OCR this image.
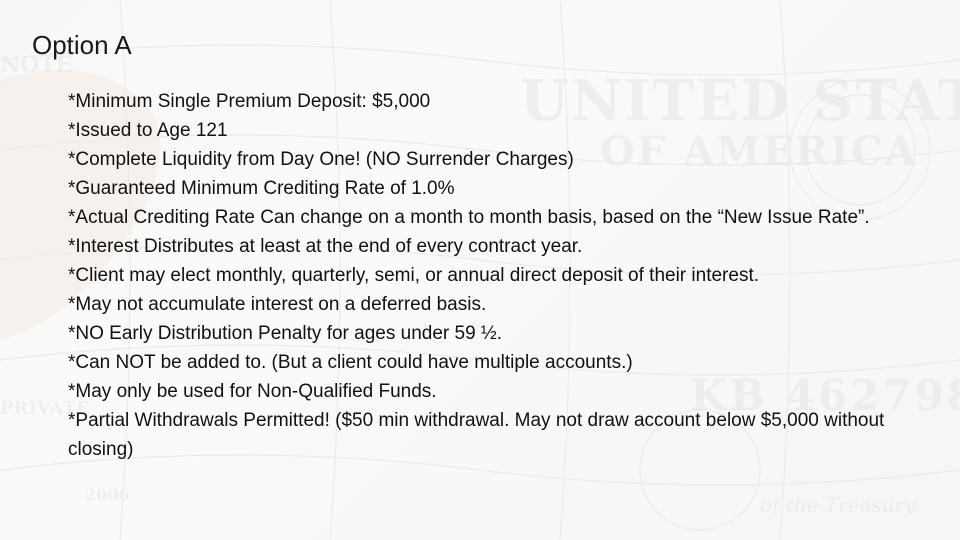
Option A
*Minimum Single Premium Deposit: $5,000
*Issued to Age 121
*Complete Liquidity from Day One! (NO Surrender Charges)
*Guaranteed Minimum Crediting Rate of 1.0%
*Actual Crediting Rate Can change on a month to month basis, based on the “New Issue Rate”.
*Interest Distributes at least at the end of every contract year.
*Client may elect monthly, quarterly, semi, or annual direct deposit of their interest.
*May not accumulate interest on a deferred basis.
*NO Early Distribution Penalty for ages under 59 ½.
*Can NOT be added to. (But a client could have multiple accounts.)
*May only be used for Non-Qualified Funds.
*Partial Withdrawals Permitted! ($50 min withdrawal. May not draw account below $5,000 without closing)
